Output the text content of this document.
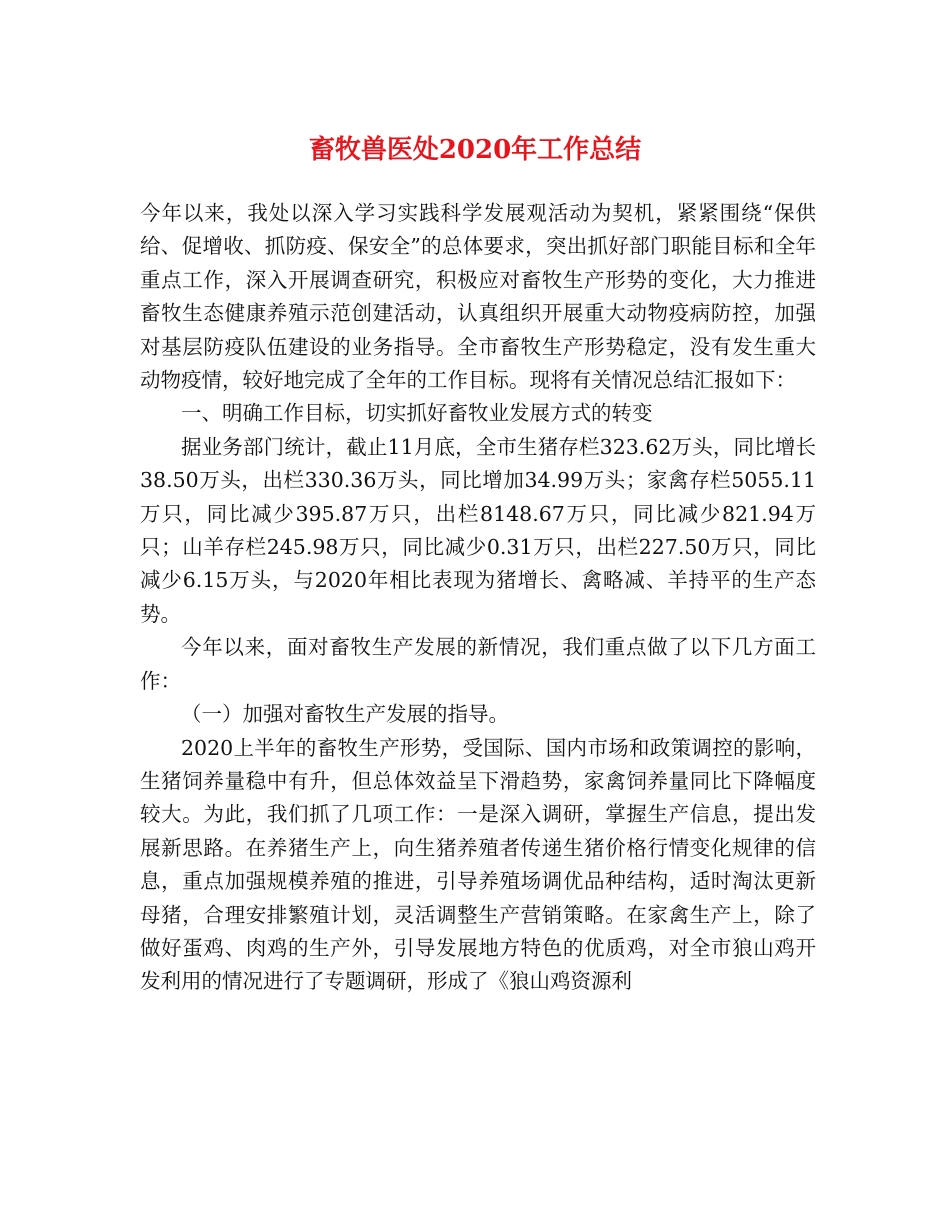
畜牧兽医处2020年工作总结

今年以来，我处以深入学习实践科学发展观活动为契机，紧紧围绕“保供给、促增收、抓防疫、保安全”的总体要求，突出抓好部门职能目标和全年重点工作，深入开展调查研究，积极应对畜牧生产形势的变化，大力推进畜牧生态健康养殖示范创建活动，认真组织开展重大动物疫病防控，加强对基层防疫队伍建设的业务指导。全市畜牧生产形势稳定，没有发生重大动物疫情，较好地完成了全年的工作目标。现将有关情况总结汇报如下：

一、明确工作目标，切实抓好畜牧业发展方式的转变

据业务部门统计，截止11月底，全市生猪存栏323.62万头，同比增长38.50万头，出栏330.36万头，同比增加34.99万头；家禽存栏5055.11万只，同比减少395.87万只，出栏8148.67万只，同比减少821.94万只；山羊存栏245.98万只，同比减少0.31万只，出栏227.50万只，同比减少6.15万头，与2020年相比表现为猪增长、禽略减、羊持平的生产态势。

今年以来，面对畜牧生产发展的新情况，我们重点做了以下几方面工作：

（一）加强对畜牧生产发展的指导。

2020上半年的畜牧生产形势，受国际、国内市场和政策调控的影响，生猪饲养量稳中有升，但总体效益呈下滑趋势，家禽饲养量同比下降幅度较大。为此，我们抓了几项工作：一是深入调研，掌握生产信息，提出发展新思路。在养猪生产上，向生猪养殖者传递生猪价格行情变化规律的信息，重点加强规模养殖的推进，引导养殖场调优品种结构，适时淘汰更新母猪，合理安排繁殖计划，灵活调整生产营销策略。在家禽生产上，除了做好蛋鸡、肉鸡的生产外，引导发展地方特色的优质鸡，对全市狼山鸡开发利用的情况进行了专题调研，形成了《狼山鸡资源利
